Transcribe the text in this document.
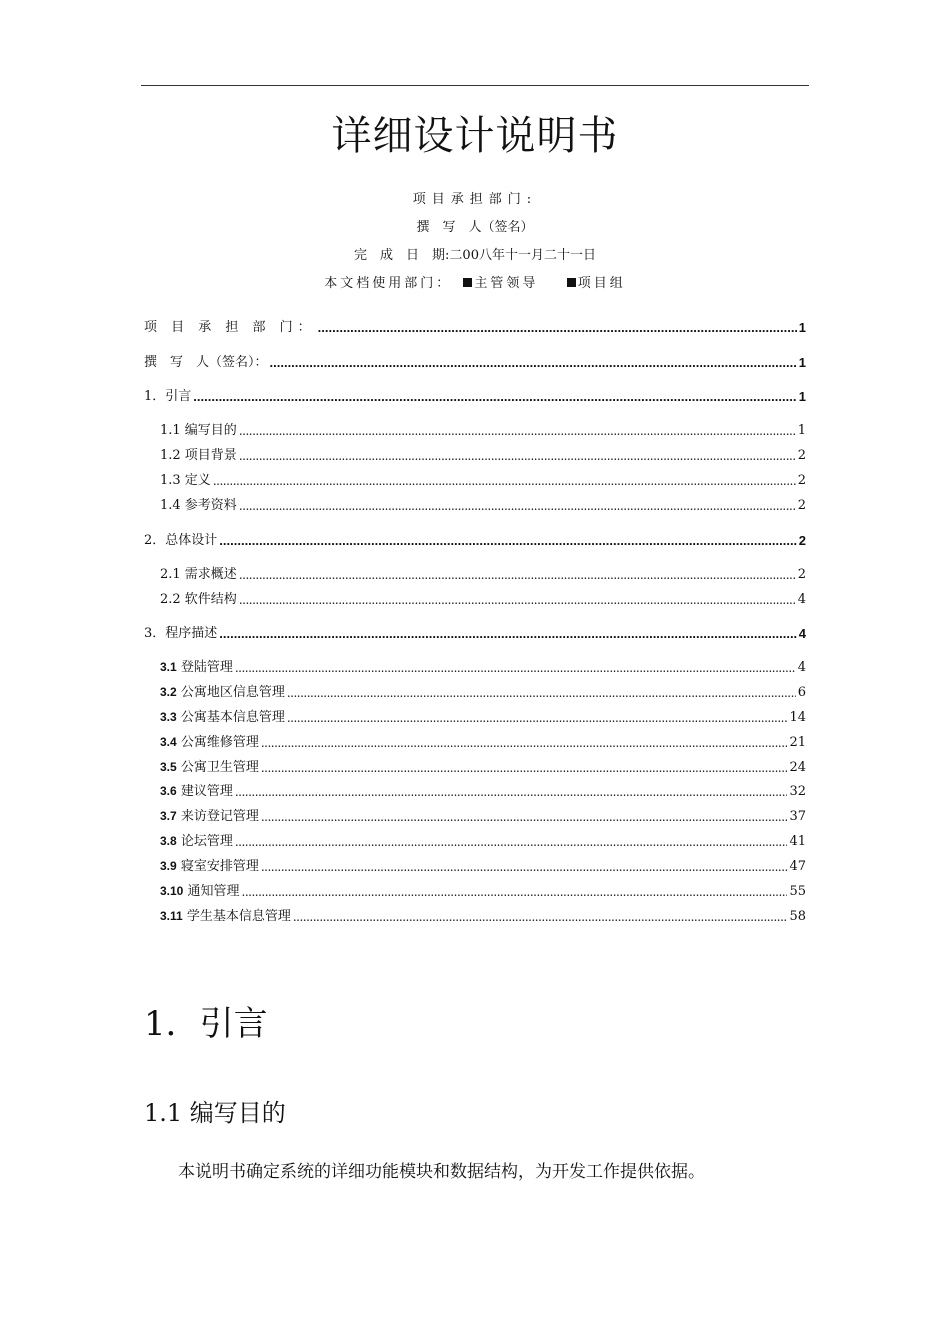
详细设计说明书
项目承担部门:
撰　写　人（签名）
完　成　日　期:二00八年十一月二十一日
本文档使用部门： 主管领导	项目组
项 目 承 担 部 门： .....	1
撰　写　人（签名）： .....	1
1．引言 .....	1
1.1 编写目的 .....	1
1.2 项目背景 .....	2
1.3 定义 .....	2
1.4 参考资料 .....	2
2．总体设计 .....	2
2.1 需求概述 .....	2
2.2 软件结构 .....	4
3．程序描述 .....	4
3.1 登陆管理 .....	4
3.2 公寓地区信息管理 .....	6
3.3 公寓基本信息管理 .....	14
3.4 公寓维修管理 .....	21
3.5 公寓卫生管理 .....	24
3.6 建议管理 .....	32
3.7 来访登记管理 .....	37
3.8 论坛管理 .....	41
3.9 寝室安排管理 .....	47
3.10 通知管理 .....	55
3.11 学生基本信息管理 .....	58
1．引言
1.1 编写目的

本说明书确定系统的详细功能模块和数据结构，为开发工作提供依据。
